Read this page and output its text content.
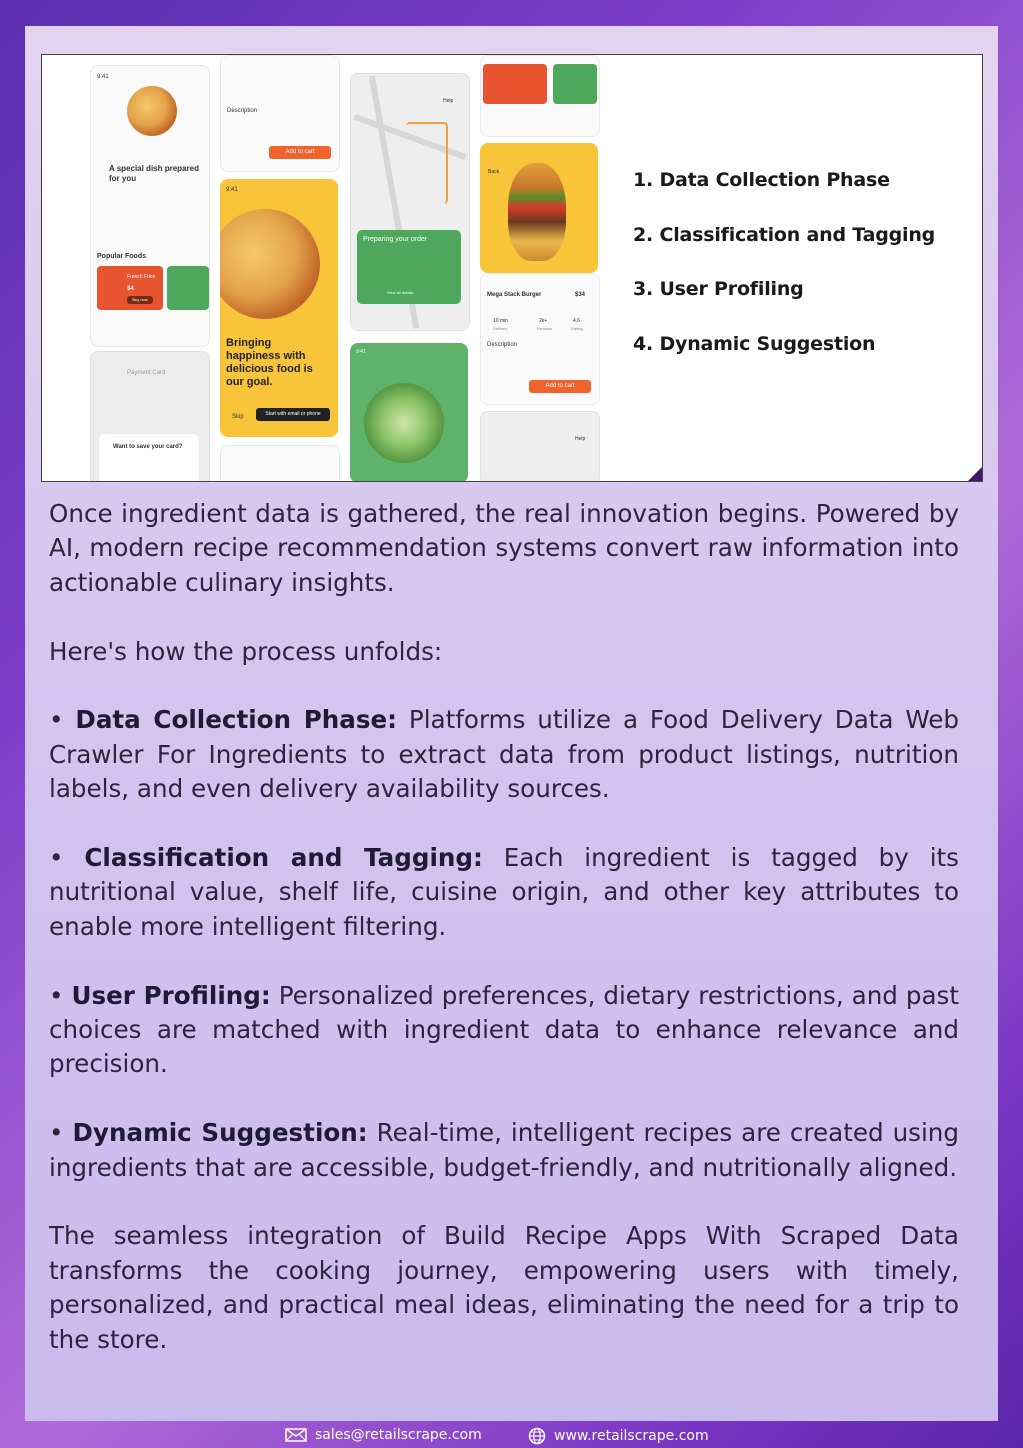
9:41
A special dish prepared for you
Popular Foods
French Fries
$4
Buy now
Payment Card
Want to save your card?
Description
Add to cart
9:41
Bringing happiness with delicious food is our goal.
Skip	Start with email or phone
Help
Preparing your order
View all details
9:41
Back
Mega Stack Burger	$34
10 min	2k+	4.6
Delivery	Reviews	Rating
Description
Add to cart
Help
1. Data Collection Phase
2. Classification and Tagging
3. User Profiling
4. Dynamic Suggestion

Once ingredient data is gathered, the real innovation begins. Powered by AI, modern recipe recommendation systems convert raw information into actionable culinary insights.

Here's how the process unfolds:

• Data Collection Phase: Platforms utilize a Food Delivery Data Web Crawler For Ingredients to extract data from product listings, nutrition labels, and even delivery availability sources.

• Classification and Tagging: Each ingredient is tagged by its nutritional value, shelf life, cuisine origin, and other key attributes to enable more intelligent filtering.

• User Profiling: Personalized preferences, dietary restrictions, and past choices are matched with ingredient data to enhance relevance and precision.

• Dynamic Suggestion: Real-time, intelligent recipes are created using ingredients that are accessible, budget-friendly, and nutritionally aligned.

The seamless integration of Build Recipe Apps With Scraped Data transforms the cooking journey, empowering users with timely, personalized, and practical meal ideas, eliminating the need for a trip to the store.

sales@retailscrape.com	www.retailscrape.com
